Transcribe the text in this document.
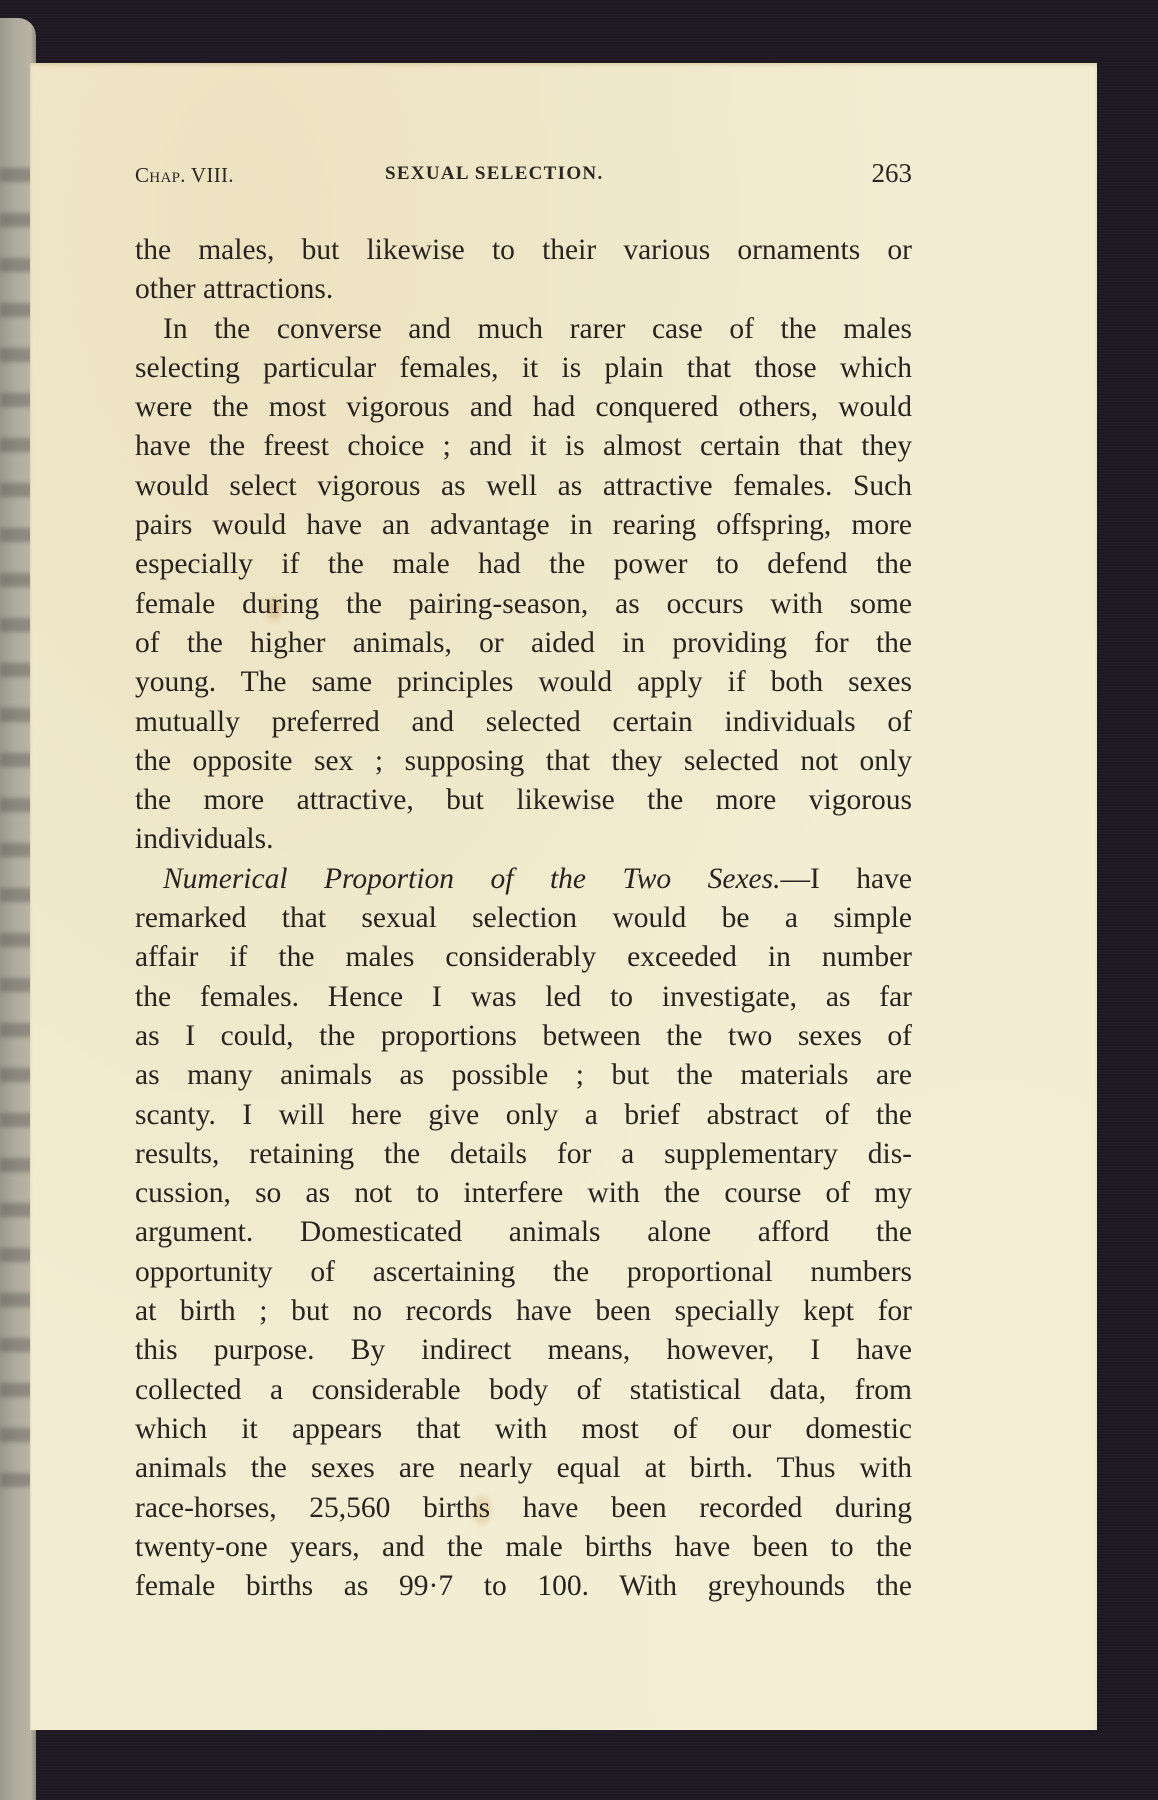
Chap. VIII.	SEXUAL SELECTION.	263
the males, but likewise to their various ornaments or
other attractions.
In the converse and much rarer case of the males
selecting particular females, it is plain that those which
were the most vigorous and had conquered others, would
have the freest choice ; and it is almost certain that they
would select vigorous as well as attractive females. Such
pairs would have an advantage in rearing offspring, more
especially if the male had the power to defend the
female during the pairing-season, as occurs with some
of the higher animals, or aided in providing for the
young. The same principles would apply if both sexes
mutually preferred and selected certain individuals of
the opposite sex ; supposing that they selected not only
the more attractive, but likewise the more vigorous
individuals.
Numerical Proportion of the Two Sexes.—I have
remarked that sexual selection would be a simple
affair if the males considerably exceeded in number
the females. Hence I was led to investigate, as far
as I could, the proportions between the two sexes of
as many animals as possible ; but the materials are
scanty. I will here give only a brief abstract of the
results, retaining the details for a supplementary dis-
cussion, so as not to interfere with the course of my
argument. Domesticated animals alone afford the
opportunity of ascertaining the proportional numbers
at birth ; but no records have been specially kept for
this purpose. By indirect means, however, I have
collected a considerable body of statistical data, from
which it appears that with most of our domestic
animals the sexes are nearly equal at birth. Thus with
race-horses, 25,560 births have been recorded during
twenty-one years, and the male births have been to the
female births as 99·7 to 100. With greyhounds the
